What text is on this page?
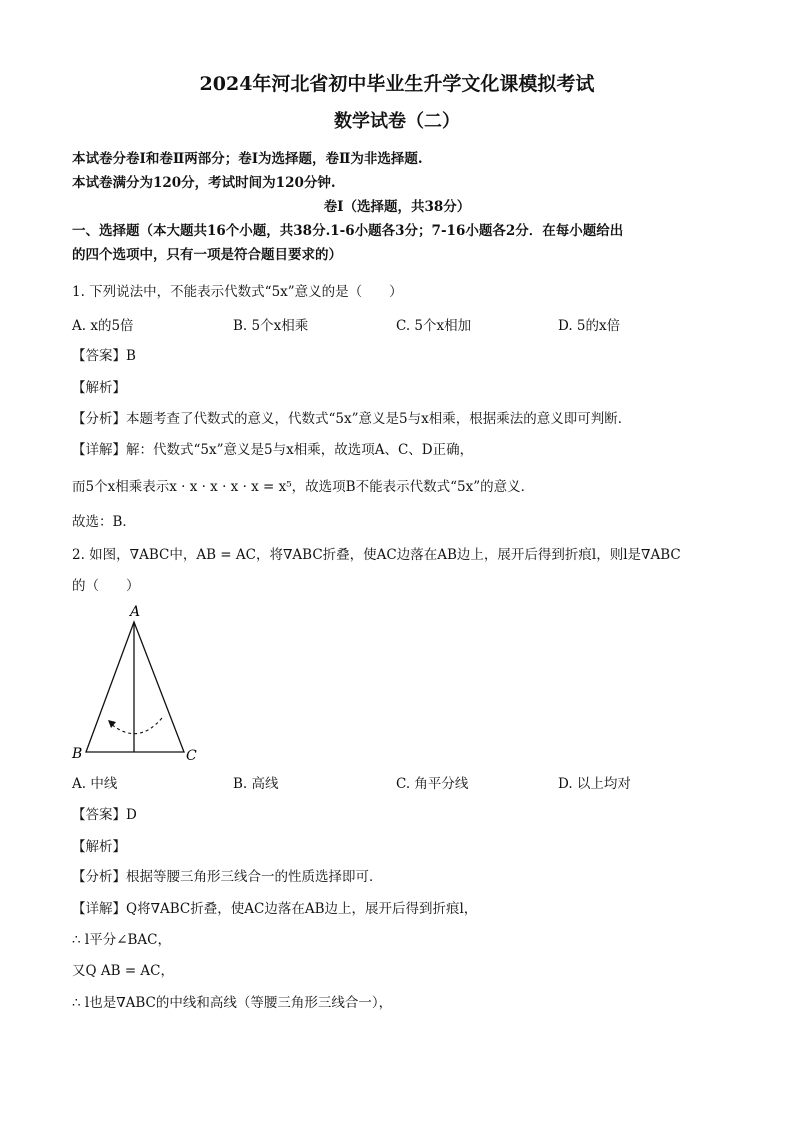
2024年河北省初中毕业生升学文化课模拟考试
数学试卷（二）
本试卷分卷Ⅰ和卷Ⅱ两部分；卷Ⅰ为选择题，卷Ⅱ为非选择题.
本试卷满分为120分，考试时间为120分钟.
卷Ⅰ（选择题，共38分）
一、选择题（本大题共16个小题，共38分.1-6小题各3分；7-16小题各2分．在每小题给出
的四个选项中，只有一项是符合题目要求的）
1. 下列说法中，不能表示代数式“5x”意义的是（　　）
A. x的5倍	B. 5个x相乘	C. 5个x相加	D. 5的x倍
【答案】B
【解析】
【分析】本题考查了代数式的意义，代数式“5x”意义是5与x相乘，根据乘法的意义即可判断．
【详解】解：代数式“5x”意义是5与x相乘，故选项A、C、D正确，
而5个x相乘表示x · x · x · x · x = x⁵，故选项B不能表示代数式“5x”的意义．
故选：B．
2. 如图，∇ABC中，AB = AC，将∇ABC折叠，使AC边落在AB边上，展开后得到折痕l，则l是∇ABC
的（　　）
A
B	C
A. 中线	B. 高线	C. 角平分线	D. 以上均对
【答案】D
【解析】
【分析】根据等腰三角形三线合一的性质选择即可．
【详解】Q将∇ABC折叠，使AC边落在AB边上，展开后得到折痕l，
∴ l平分∠BAC，
又Q AB = AC，
∴ l也是∇ABC的中线和高线（等腰三角形三线合一），
